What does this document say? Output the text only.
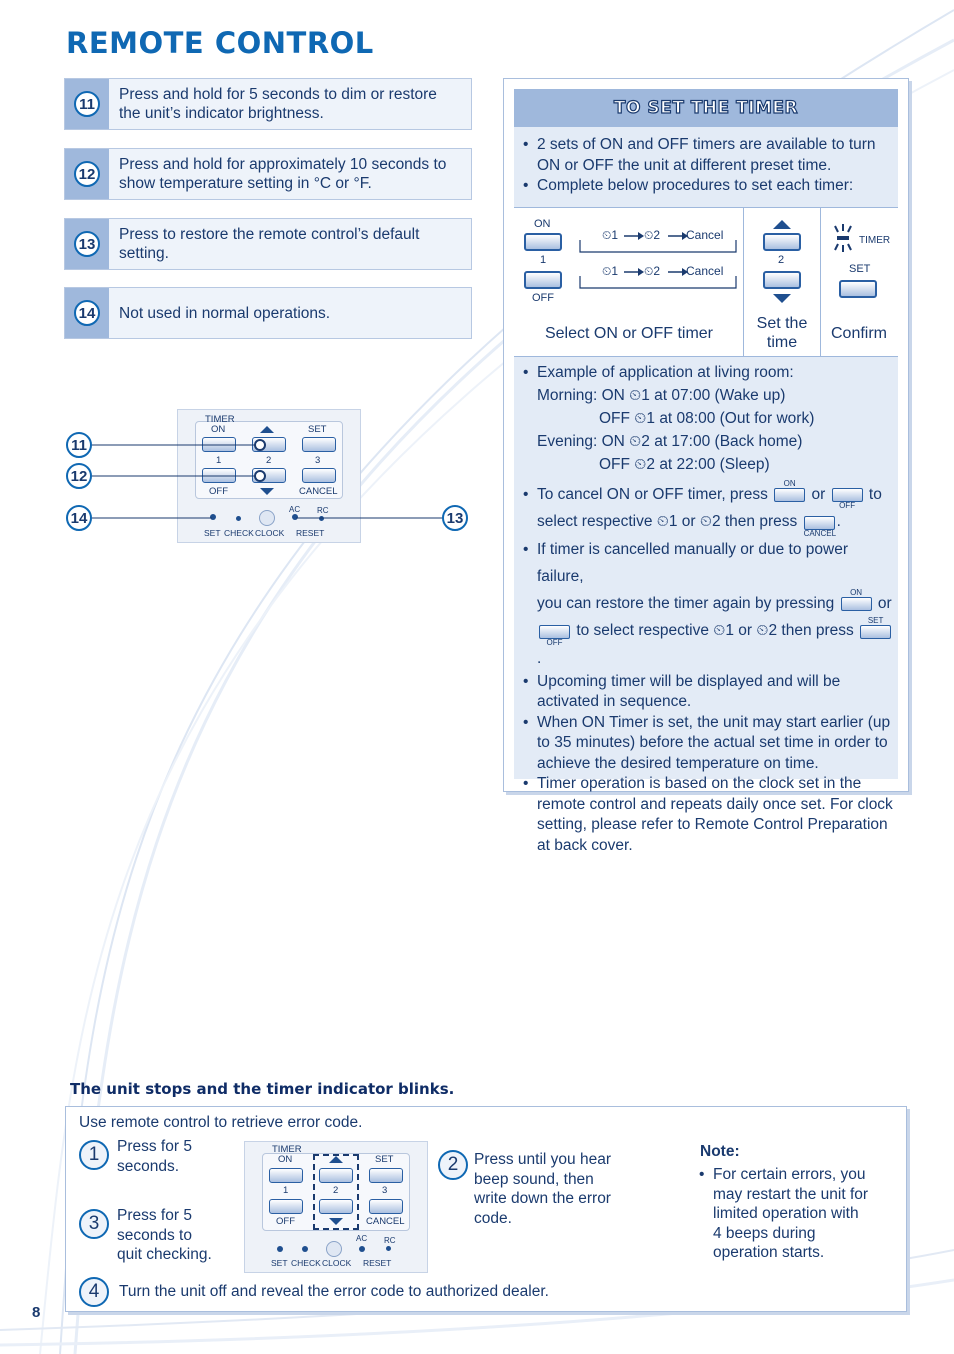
REMOTE CONTROL
11
Press and hold for 5 seconds to dim or restore the unit’s indicator brightness.
12
Press and hold for approximately 10 seconds to show temperature setting in °C or °F.
13
Press to restore the remote control’s default setting.
14	Not used in normal operations.
TIMER
ON	SET
1	2	3
OFF	CANCEL
AC RC
SET CHECK CLOCK RESET
11
12
14	13
TO SET THE TIMER
• 2 sets of ON and OFF timers are available to turn ON or OFF the unit at different preset time.
• Complete below procedures to set each timer:
ON
1
OFF
⏲1 ⏲2 Cancel
⏲1 ⏲2 Cancel
Select ON or OFF timer
2
Set the time
TIMER
SET
Confirm
• Example of application at living room:
Morning: ON ⏲1 at 07:00 (Wake up)
OFF ⏲1 at 08:00 (Out for work)
Evening: ON ⏲2 at 17:00 (Back home)
OFF ⏲2 at 22:00 (Sleep)
• To cancel ON or OFF timer, press
ON
or
OFF
to
select respective ⏲1 or ⏲2 then press
CANCEL
.
• If timer is cancelled manually or due to power failure,
you can restore the timer again by pressing
ON
or

OFF
to select respective ⏲1 or ⏲2 then press
SET
.
• Upcoming timer will be displayed and will be activated in sequence.
• When ON Timer is set, the unit may start earlier (up to 35 minutes) before the actual set time in order to achieve the desired temperature on time.
• Timer operation is based on the clock set in the remote control and repeats daily once set. For clock setting, please refer to Remote Control Preparation at back cover.
The unit stops and the timer indicator blinks.
Use remote control to retrieve error code.
1	Press for 5 seconds.
3	Press for 5 seconds to quit checking.
2	Press until you hear beep sound, then write down the error code.
Note:
• For certain errors, you may restart the unit for limited operation with 4 beeps during operation starts.
4	Turn the unit off and reveal the error code to authorized dealer.
TIMER
ON	SET
1	2	3
OFF	CANCEL
AC RC
SET CHECK CLOCK RESET
8
